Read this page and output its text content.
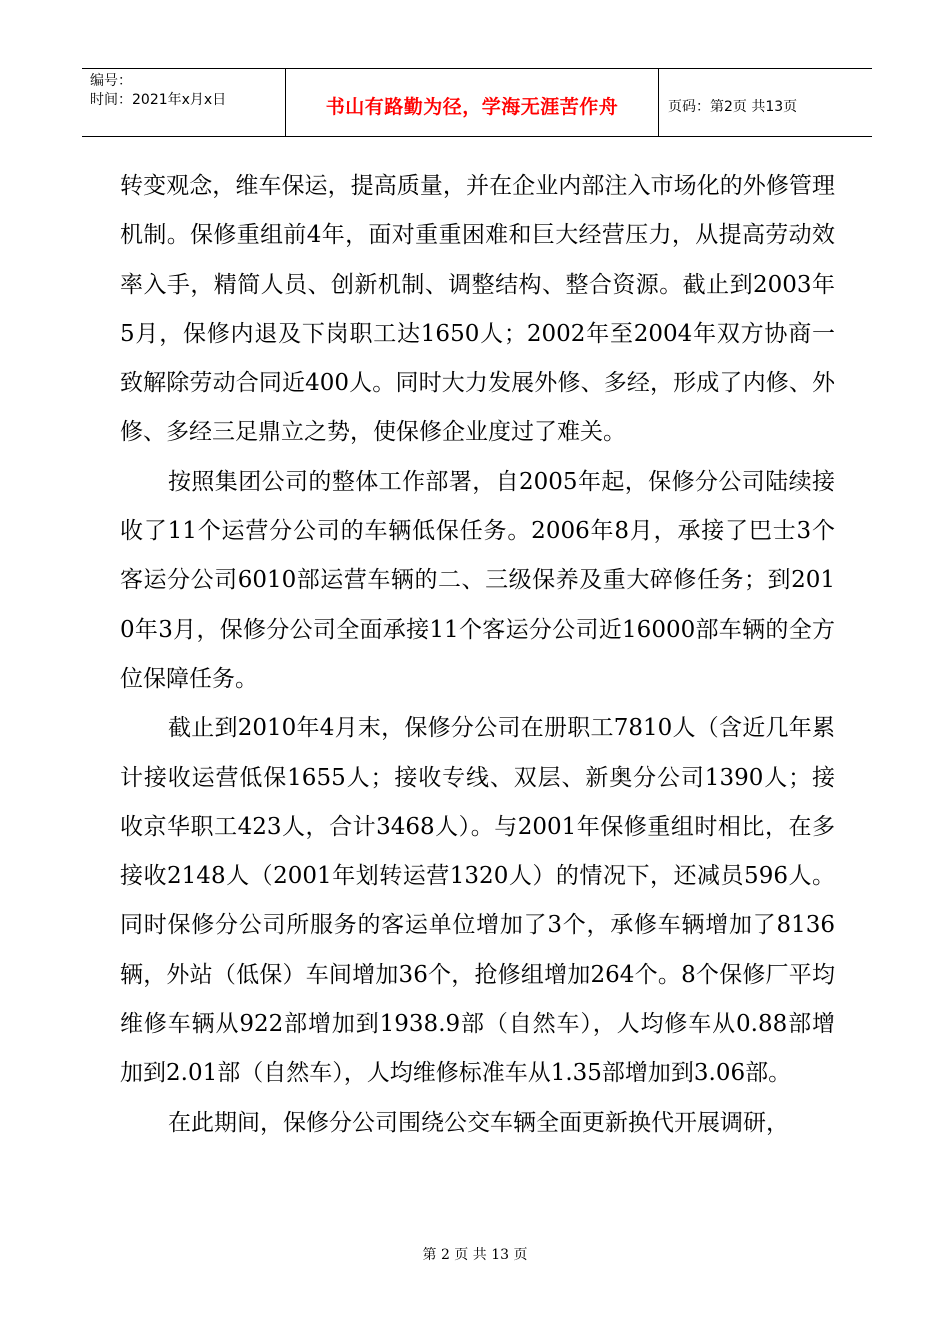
编号：
时间：2021年x月x日	书山有路勤为径，学海无涯苦作舟	页码：第2页 共13页

转变观念，维车保运，提高质量，并在企业内部注入市场化的外修管理机制。保修重组前4年，面对重重困难和巨大经营压力，从提高劳动效率入手，精简人员、创新机制、调整结构、整合资源。截止到2003年5月，保修内退及下岗职工达1650人；2002年至2004年双方协商一致解除劳动合同近400人。同时大力发展外修、多经，形成了内修、外修、多经三足鼎立之势，使保修企业度过了难关。

按照集团公司的整体工作部署，自2005年起，保修分公司陆续接收了11个运营分公司的车辆低保任务。2006年8月，承接了巴士3个客运分公司6010部运营车辆的二、三级保养及重大碎修任务；到2010年3月，保修分公司全面承接11个客运分公司近16000部车辆的全方位保障任务。

截止到2010年4月末，保修分公司在册职工7810人（含近几年累计接收运营低保1655人；接收专线、双层、新奥分公司1390人；接收京华职工423人，合计3468人）。与2001年保修重组时相比，在多接收2148人（2001年划转运营1320人）的情况下，还减员596人。同时保修分公司所服务的客运单位增加了3个，承修车辆增加了8136辆，外站（低保）车间增加36个，抢修组增加264个。8个保修厂平均维修车辆从922部增加到1938.9部（自然车），人均修车从0.88部增加到2.01部（自然车），人均维修标准车从1.35部增加到3.06部。

在此期间，保修分公司围绕公交车辆全面更新换代开展调研，

第 2 页 共 13 页
